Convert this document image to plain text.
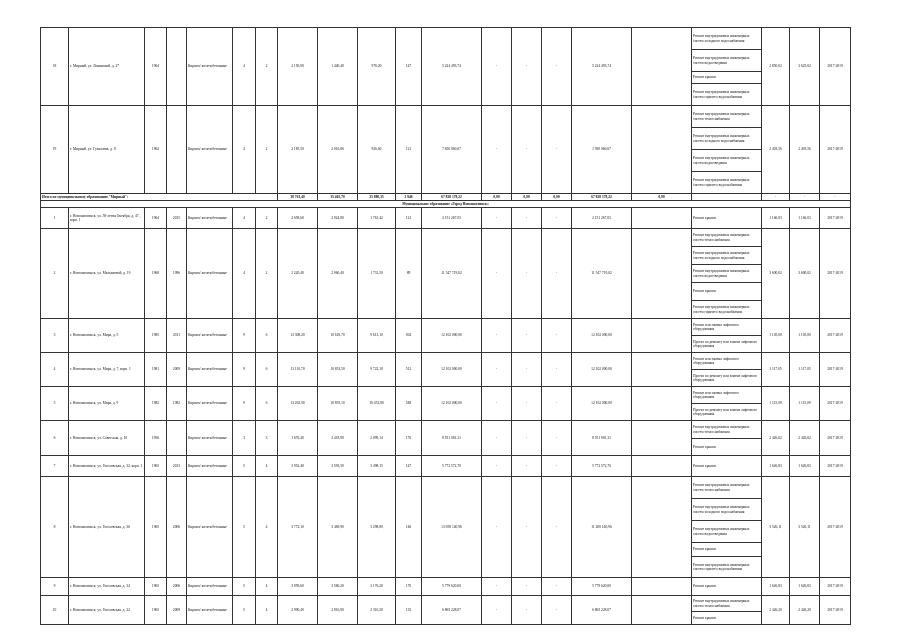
18	г. Мирный, ул. Ленинский, д. 2*	1964		Кирпич/ железобетонные	4	2	2 150,00	1 440,40	976,20	147	5 224 493,74	-	-	-	5 224 493,74		Ремонт внутридомовых инженерных систем холодного водоснабжения	2 850,02	3 625,02	2017-2019
																	Ремонт внутридомовых инженерных систем водоотведения			
																	Ремонт крыши			
																	Ремонт внутридомовых инженерных систем горячего водоснабжения			
19	г. Мирный, ул. Гузналева, д. 8	1962		Кирпич/ железобетонные	4	2	2 185,50	2 016,86	926,60	121	7 650 060,67	-	-	-	1 930 060,67		Ремонт внутридомовых инженерных систем теплоснабжения	2 403,56	2 403,56	2017-2019
																	Ремонт внутридомовых инженерных систем холодного водоснабжения			
																	Ремонт внутридомовых инженерных систем водоотведения			
																	Ремонт внутридомовых инженерных систем горячего водоснабжения			
Итого по муниципальному образованию "Мирный":							38 761,40	35 465,70	25 880,35	2 946	67 828 178,22	0,00	0,00	0,00	67 828 178,22	0,00		-	-	-
Муниципальное образование «Город Новошахтинск»																				
1	г. Новошахтинск, ул. 50-летия Октября, д. 47, корп. 1	1964	2015	Кирпич/ железобетонные	4	2	2 658,60	2 024,80	1 761,42	121	2 151 267,03	-	-	-	2 151 267,03		Ремонт крыши	1 166,03	1 166,03	2017-2019
2	г. Новошахтинск, ул. Малышевой, д. 19	1960	1996	Кирпич/ железобетонные	4	2	2 220,40	2 060,40	1 731,50	89	11 547 719,02	-	-	-	11 547 719,02		Ремонт внутридомовых инженерных систем теплоснабжения	3 600,02	3 600,02	2017-2019
																	Ремонт внутридомовых инженерных систем холодного водоснабжения			
																	Ремонт внутридомовых инженерных систем водоотведения			
																	Ремонт крыши			
																	Ремонт внутридомовых инженерных систем горячего водоснабжения			
3	г. Новошахтинск, ул. Мира, д. 5	1985	2011	Кирпич/ железобетонные	9	6	13 308,20	10 618,70	9 613,10	504	12 102 000,00	-	-	-	12 102 000,00		Ремонт или замена лифтового оборудования	1 105,00	1 105,00	2017-2019
																	Проект по ремонту или замене лифтового оборудования			
4	г. Новошахтинск, ул. Мира, д. 7, корп. 1	1981	2009	Кирпич/ железобетонные	9	6	13 110,70	10 833,50	9 722,10	512	12 102 000,00	-	-	-	12 102 000,00		Ремонт или замена лифтового оборудования	1 117,05	1 117,05	2017-2019
																	Проект по ремонту или замене лифтового оборудования			
5	г. Новошахтинск, ул. Мира, д. 9	1982	1982	Кирпич/ железобетонные	9	6	13 263,90	10 855,10	10 453,80	548	12 102 000,00	-	-	-	12 102 000,00		Ремонт или замена лифтового оборудования	1 115,09	1 115,09	2017-2019
																	Проект по ремонту или замене лифтового оборудования			
6	г. Новошахтинск, ул. Советская, д. 10	1956		Кирпич/ железобетонные	3	3	1 676,40	2 418,90	2 099,14	176	8 551 081,31	-	-	-	8 551 081,31		Ремонт внутридомовых инженерных систем теплоснабжения	2 426,02	2 426,02	2017-2019
																	Ремонт крыши			
7	г. Новошахтинск, ул. Гоголевская, д. 32, корп. 1	1965	2013	Кирпич/ железобетонные	5	4	3 952,40	3 593,50	3 498,15	147	5 772 572,70	-	-	-	5 772 572,70		Ремонт крыши	1 626,83	1 626,83	2017-2019
8	г. Новошахтинск, ул. Гоголевская, д. 36	1965	2006	Кирпич/ железобетонные	5	4	3 772,10	3 469,90	3 298,80	146	13 058 140,96	-	-	-	11 200 140,96		Ремонт внутридомовых инженерных систем теплоснабжения	3 526,11	3 526,11	2017-2019
																	Ремонт внутридомовых инженерных систем холодного водоснабжения			
																	Ремонт внутридомовых инженерных систем водоотведения			
																	Ремонт крыши			
																	Ремонт внутридомовых инженерных систем горячего водоснабжения			
9	г. Новошахтинск, ул. Гоголевская, д. 34	1965	2006	Кирпич/ железобетонные	5	4	3 859,60	3 560,20	3 176,20	170	5 779 620,00	-	-	-	5 779 620,00		Ремонт крыши	1 626,83	1 626,83	2017-2019
10	г. Новошахтинск, ул. Гоголевская, д. 22	1965	2009	Кирпич/ железобетонные	5	4	2 990,40	2 816,90	2 310,20	135	6 865 228,07	-	-	-	6 865 228,07		Ремонт внутридомовых инженерных систем теплоснабжения	2 426,20	2 426,20	2017-2019
																	Ремонт крыши			
